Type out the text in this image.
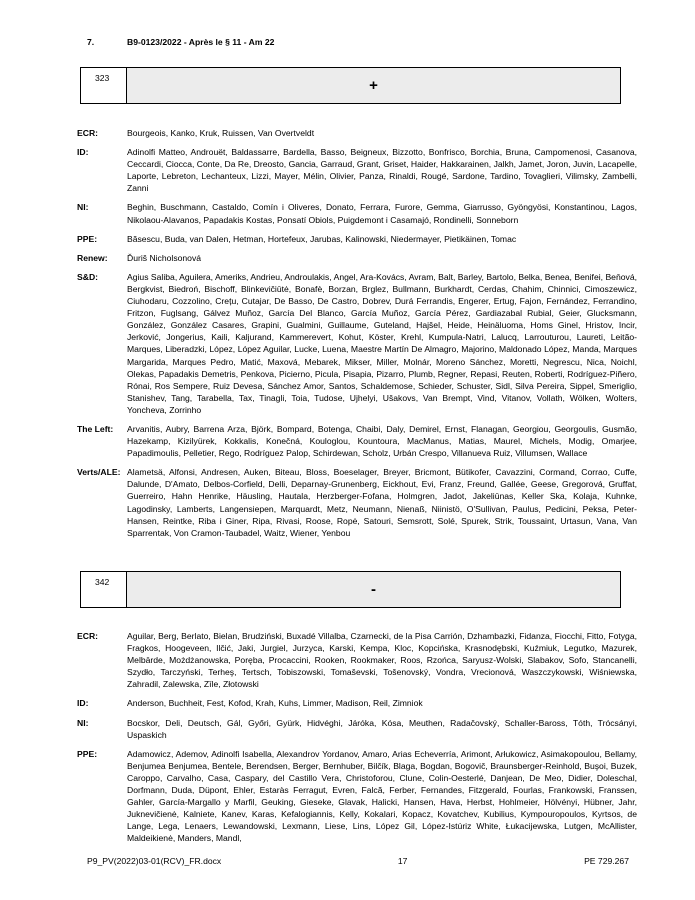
7.	B9-0123/2022 - Après le § 11 - Am 22
323	+
ECR:	Bourgeois, Kanko, Kruk, Ruissen, Van Overtveldt
ID:	Adinolfi Matteo, Androuët, Baldassarre, Bardella, Basso, Beigneux, Bizzotto, Bonfrisco, Borchia, Bruna, Campomenosi, Casanova, Ceccardi, Ciocca, Conte, Da Re, Dreosto, Gancia, Garraud, Grant, Griset, Haider, Hakkarainen, Jalkh, Jamet, Joron, Juvin, Lacapelle, Laporte, Lebreton, Lechanteux, Lizzi, Mayer, Mélin, Olivier, Panza, Rinaldi, Rougé, Sardone, Tardino, Tovaglieri, Vilimsky, Zambelli, Zanni
NI:	Beghin, Buschmann, Castaldo, Comín i Oliveres, Donato, Ferrara, Furore, Gemma, Giarrusso, Gyöngyösi, Konstantinou, Lagos, Nikolaou-Alavanos, Papadakis Kostas, Ponsatí Obiols, Puigdemont i Casamajó, Rondinelli, Sonneborn
PPE:	Băsescu, Buda, van Dalen, Hetman, Hortefeux, Jarubas, Kalinowski, Niedermayer, Pietikäinen, Tomac
Renew: Ďuriš Nicholsonová
S&D:	Agius Saliba, Aguilera, Ameriks, Andrieu, Androulakis, Angel, Ara-Kovács, Avram, Balt, Barley, Bartolo, Belka, Benea, Benifei, Beňová, Bergkvist, Biedroń, Bischoff, Blinkevičiūtė, Bonafè, Borzan, Brglez, Bullmann, Burkhardt, Cerdas, Chahim, Chinnici, Cimoszewicz, Ciuhodaru, Cozzolino, Crețu, Cutajar, De Basso, De Castro, Dobrev, Durá Ferrandis, Engerer, Ertug, Fajon, Fernández, Ferrandino, Fritzon, Fuglsang, Gálvez Muñoz, García Del Blanco, García Muñoz, García Pérez, Gardiazabal Rubial, Geier, Glucksmann, González, González Casares, Grapini, Gualmini, Guillaume, Guteland, Hajšel, Heide, Heinäluoma, Homs Ginel, Hristov, Incir, Jerković, Jongerius, Kaili, Kaljurand, Kammerevert, Kohut, Köster, Krehl, Kumpula-Natri, Lalucq, Larrouturou, Laureti, Leitão-Marques, Liberadzki, López, López Aguilar, Lucke, Luena, Maestre Martín De Almagro, Majorino, Maldonado López, Manda, Marques Margarida, Marques Pedro, Matić, Maxová, Mebarek, Mikser, Miller, Molnár, Moreno Sánchez, Moretti, Negrescu, Nica, Noichl, Olekas, Papadakis Demetris, Penkova, Picierno, Picula, Pisapia, Pizarro, Plumb, Regner, Repasi, Reuten, Roberti, Rodríguez-Piñero, Rónai, Ros Sempere, Ruiz Devesa, Sánchez Amor, Santos, Schaldemose, Schieder, Schuster, Sidl, Silva Pereira, Sippel, Smeriglio, Stanishev, Tang, Tarabella, Tax, Tinagli, Toia, Tudose, Ujhelyi, Ušakovs, Van Brempt, Vind, Vitanov, Vollath, Wölken, Wolters, Yoncheva, Zorrinho
The Left: Arvanitis, Aubry, Barrena Arza, Björk, Bompard, Botenga, Chaibi, Daly, Demirel, Ernst, Flanagan, Georgiou, Georgoulis, Gusmão, Hazekamp, Kizilyürek, Kokkalis, Konečná, Kouloglou, Kountoura, MacManus, Matias, Maurel, Michels, Modig, Omarjee, Papadimoulis, Pelletier, Rego, Rodríguez Palop, Schirdewan, Scholz, Urbán Crespo, Villanueva Ruiz, Villumsen, Wallace
Verts/ALE: Alametsä, Alfonsi, Andresen, Auken, Biteau, Bloss, Boeselager, Breyer, Bricmont, Bütikofer, Cavazzini, Cormand, Corrao, Cuffe, Dalunde, D'Amato, Delbos-Corfield, Delli, Deparnay-Grunenberg, Eickhout, Evi, Franz, Freund, Gallée, Geese, Gregorová, Gruffat, Guerreiro, Hahn Henrike, Häusling, Hautala, Herzberger-Fofana, Holmgren, Jadot, Jakeliūnas, Keller Ska, Kolaja, Kuhnke, Lagodinsky, Lamberts, Langensiepen, Marquardt, Metz, Neumann, Nienaß, Niinistö, O'Sullivan, Paulus, Pedicini, Peksa, Peter-Hansen, Reintke, Riba i Giner, Ripa, Rivasi, Roose, Ropė, Satouri, Semsrott, Solé, Spurek, Strik, Toussaint, Urtasun, Vana, Van Sparrentak, Von Cramon-Taubadel, Waitz, Wiener, Yenbou
342	-
ECR:	Aguilar, Berg, Berlato, Bielan, Brudziński, Buxadé Villalba, Czarnecki, de la Pisa Carrión, Dzhambazki, Fidanza, Fiocchi, Fitto, Fotyga, Fragkos, Hoogeveen, Ilčić, Jaki, Jurgiel, Jurzyca, Karski, Kempa, Kloc, Kopcińska, Krasnodębski, Kuźmiuk, Legutko, Mazurek, Melbārde, Możdżanowska, Poręba, Procaccini, Rooken, Rookmaker, Roos, Rzońca, Saryusz-Wolski, Slabakov, Sofo, Stancanelli, Szydło, Tarczyński, Terheş, Tertsch, Tobiszowski, Tomaševski, Tošenovský, Vondra, Vrecionová, Waszczykowski, Wiśniewska, Zahradil, Zalewska, Zīle, Złotowski
ID:	Anderson, Buchheit, Fest, Kofod, Krah, Kuhs, Limmer, Madison, Reil, Zimniok
NI:	Bocskor, Deli, Deutsch, Gál, Győri, Gyürk, Hidvéghi, Járóka, Kósa, Meuthen, Radačovský, Schaller-Baross, Tóth, Trócsányi, Uspaskich
PPE:	Adamowicz, Ademov, Adinolfi Isabella, Alexandrov Yordanov, Amaro, Arias Echeverría, Arimont, Arłukowicz, Asimakopoulou, Bellamy, Benjumea Benjumea, Bentele, Berendsen, Berger, Bernhuber, Bilčík, Blaga, Bogdan, Bogovič, Braunsberger-Reinhold, Buşoi, Buzek, Caroppo, Carvalho, Casa, Caspary, del Castillo Vera, Christoforou, Clune, Colin-Oesterlé, Danjean, De Meo, Didier, Doleschal, Dorfmann, Duda, Düpont, Ehler, Estaràs Ferragut, Evren, Falcă, Ferber, Fernandes, Fitzgerald, Fourlas, Frankowski, Franssen, Gahler, García-Margallo y Marfil, Geuking, Gieseke, Glavak, Halicki, Hansen, Hava, Herbst, Hohlmeier, Hölvényi, Hübner, Jahr, Juknevičienė, Kalniete, Kanev, Karas, Kefalogiannis, Kelly, Kokalari, Kopacz, Kovatchev, Kubilius, Kympouropoulos, Kyrtsos, de Lange, Lega, Lenaers, Lewandowski, Lexmann, Liese, Lins, López Gil, López-Istúriz White, Łukacijewska, Lutgen, McAllister, Maldeikienė, Manders, Mandl,
P9_PV(2022)03-01(RCV)_FR.docx	17	PE 729.267
